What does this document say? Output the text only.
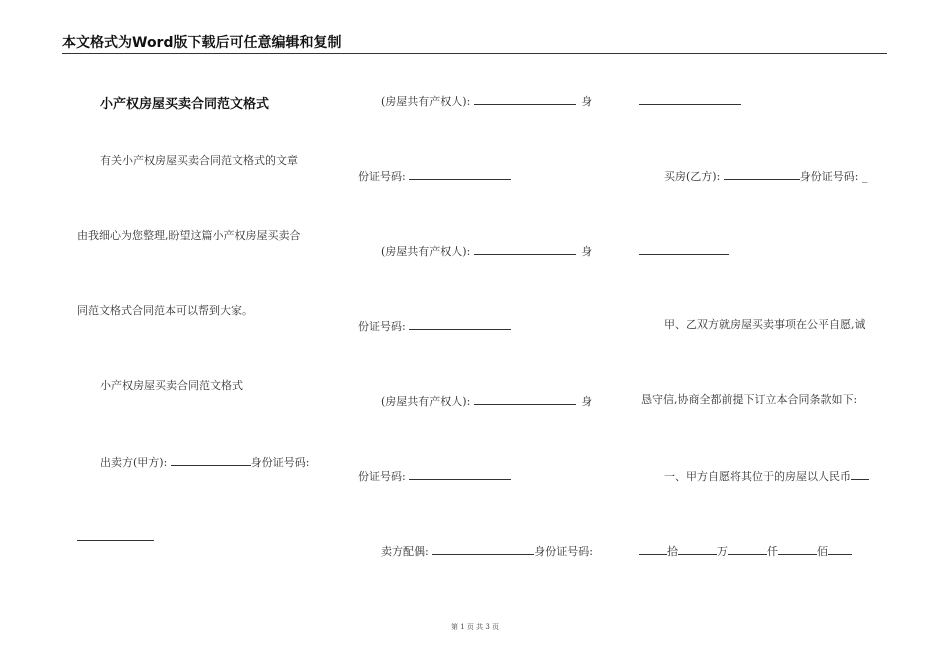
本文格式为Word版下载后可任意编辑和复制
小产权房屋买卖合同范文格式
有关小产权房屋买卖合同范文格式的文章
由我细心为您整理,盼望这篇小产权房屋买卖合
同范文格式合同范本可以帮到大家。
小产权房屋买卖合同范文格式
出卖方(甲方):	身份证号码:
(房屋共有产权人):	身
份证号码:
(房屋共有产权人):	身
份证号码:
(房屋共有产权人):	身
份证号码:
卖方配偶:	身份证号码:
买房(乙方):	身份证号码: _
甲、乙双方就房屋买卖事项在公平自愿,诚
恳守信,协商全都前提下订立本合同条款如下:
一、甲方自愿将其位于的房屋以人民币
拾	万	仟	佰
第 1 页 共 3 页
